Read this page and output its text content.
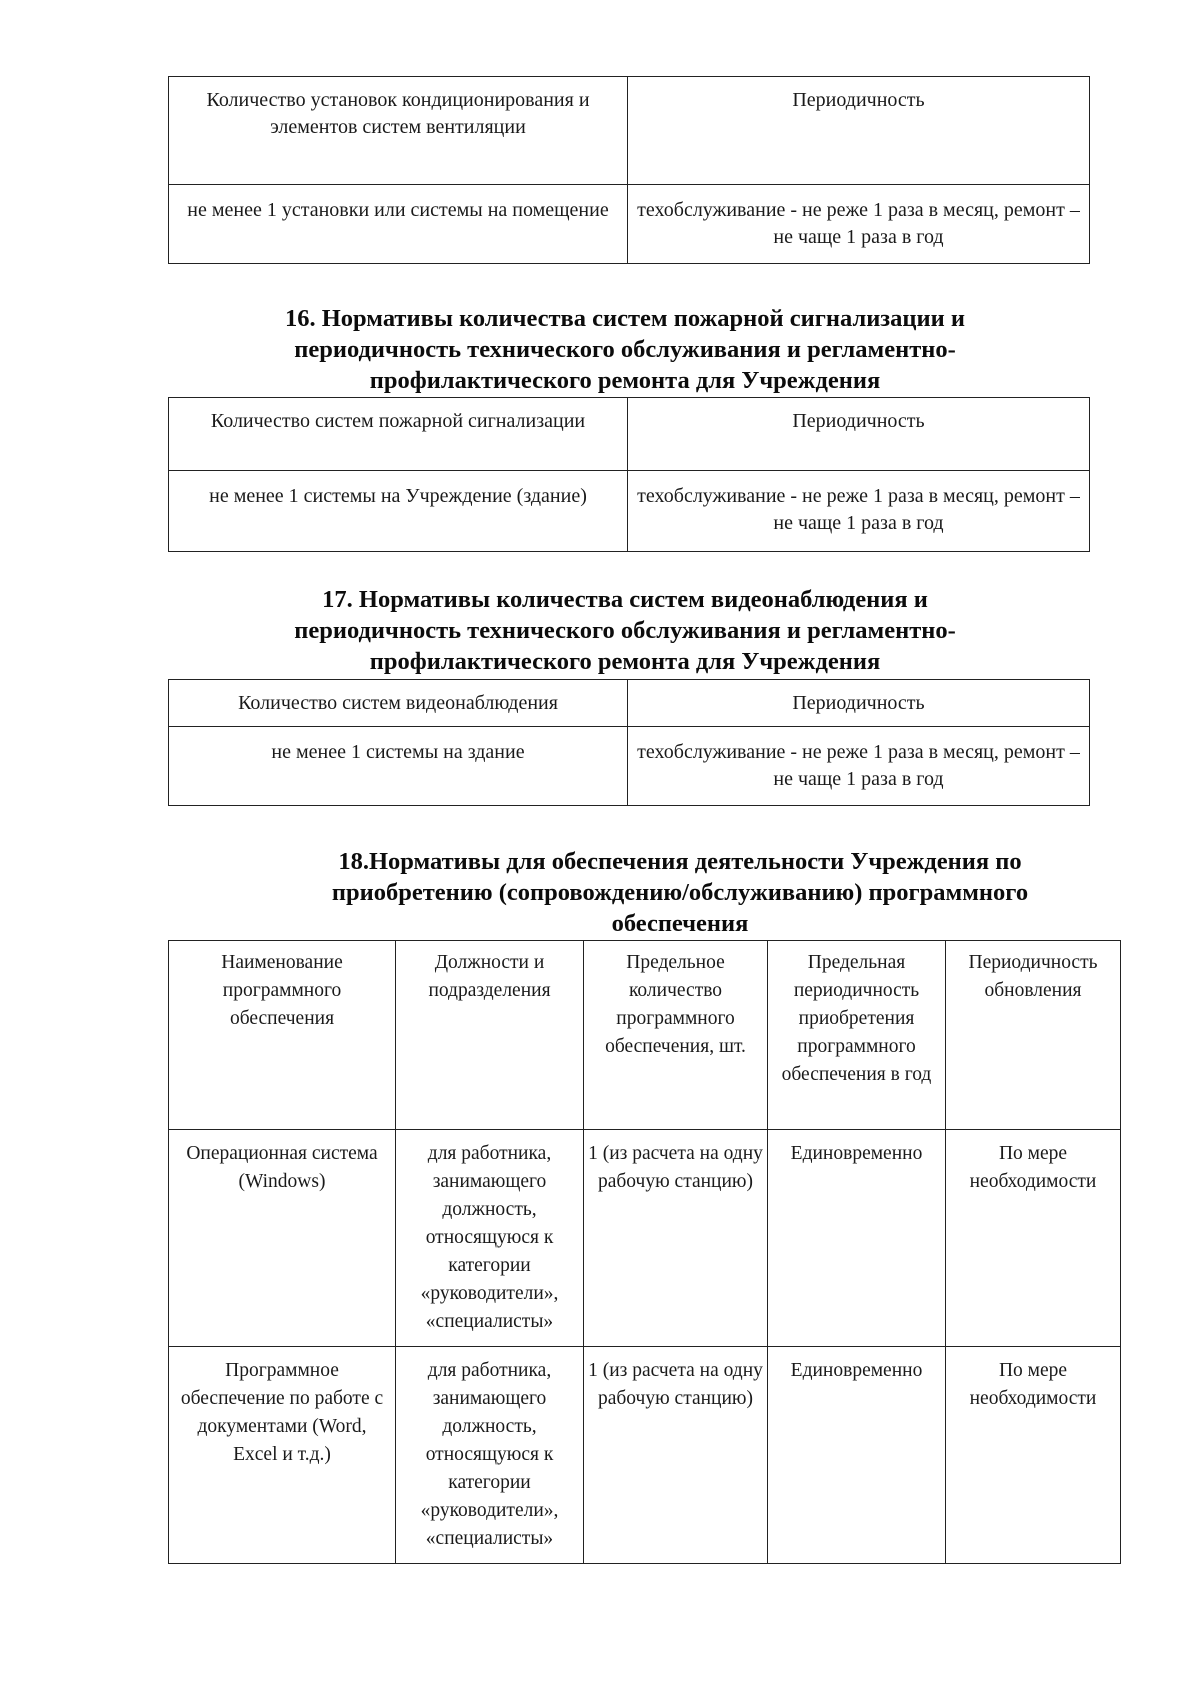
Количество установок кондиционирования и элементов систем вентиляции	Периодичность
не менее 1 установки или системы на помещение	техобслуживание - не реже 1 раза в месяц, ремонт – не чаще 1 раза в год
16. Нормативы количества систем пожарной сигнализации и
периодичность технического обслуживания и регламентно-
профилактического ремонта для Учреждения
Количество систем пожарной сигнализации	Периодичность
не менее 1 системы на Учреждение (здание)	техобслуживание - не реже 1 раза в месяц, ремонт – не чаще 1 раза в год
17. Нормативы количества систем видеонаблюдения и
периодичность технического обслуживания и регламентно-
профилактического ремонта для Учреждения
Количество систем видеонаблюдения	Периодичность
не менее 1 системы на здание	техобслуживание - не реже 1 раза в месяц, ремонт – не чаще 1 раза в год
18.Нормативы для обеспечения деятельности Учреждения по
приобретению (сопровождению/обслуживанию) программного
обеспечения
Наименование программного обеспечения	Должности и подразделения	Предельное количество программного обеспечения, шт.	Предельная периодичность приобретения программного обеспечения в год	Периодичность обновления
Операционная система (Windows)	для работника, занимающего должность, относящуюся к категории «руководители», «специалисты»	1 (из расчета на одну рабочую станцию)	Единовременно	По мере необходимости
Программное обеспечение по работе с документами (Word, Excel и т.д.)	для работника, занимающего должность, относящуюся к категории «руководители», «специалисты»	1 (из расчета на одну рабочую станцию)	Единовременно	По мере необходимости
